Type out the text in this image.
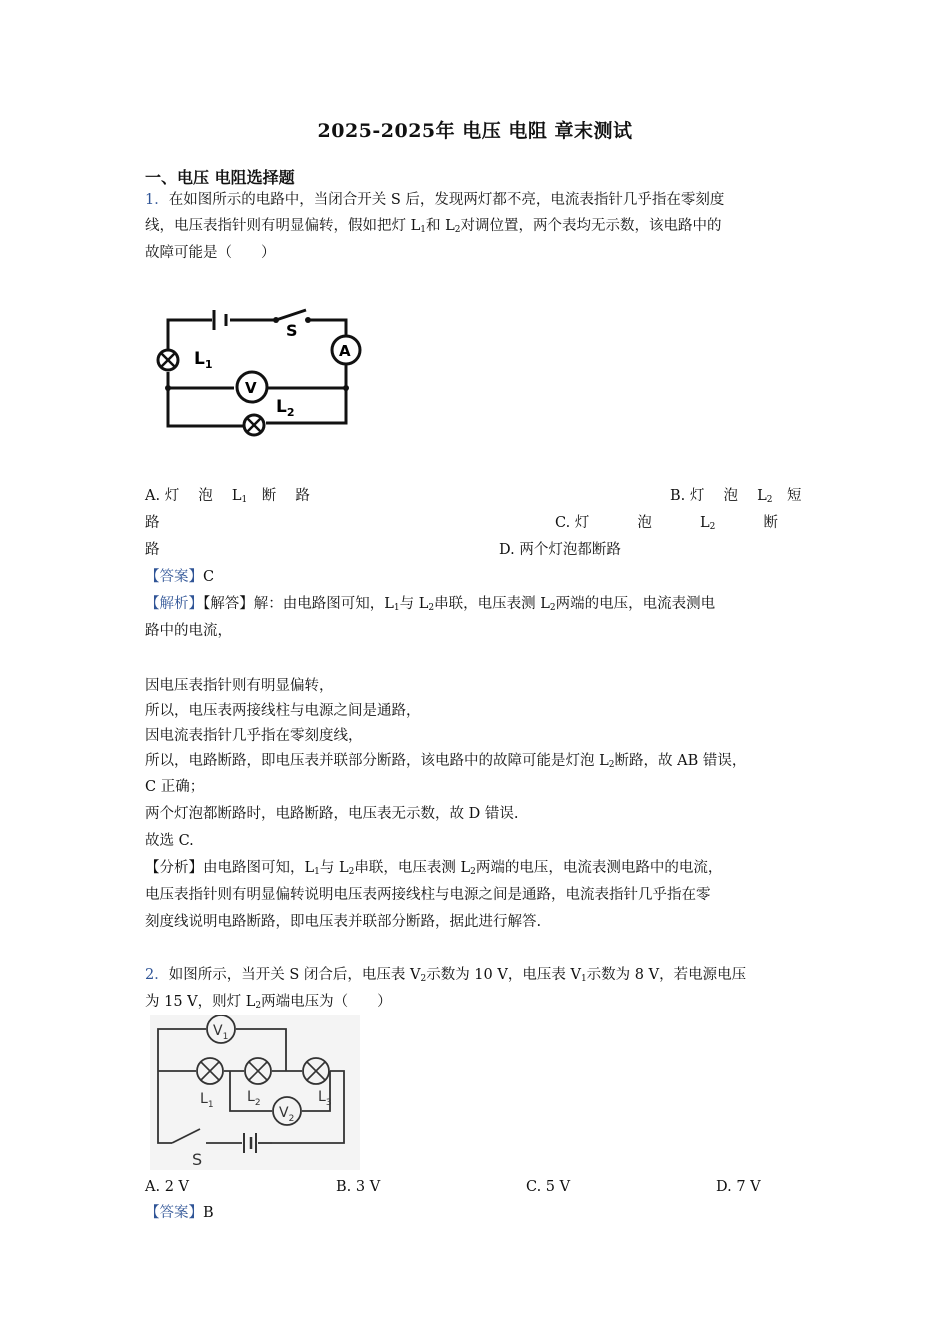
2025-2025年 电压 电阻 章末测试
一、电压 电阻选择题
1．在如图所示的电路中，当闭合开关 S 后，发现两灯都不亮，电流表指针几乎指在零刻度
线，电压表指针则有明显偏转，假如把灯 $L_1$和 $L_2$对调位置，两个表均无示数，该电路中的
故障可能是（　　）
S
A
$L_1$
V
$L_2$
A. 灯　 泡　 $L_1$　断　 路	B. 灯　 泡　 $L_2$　短
路	C. 灯　　　 泡　　　 $L_2$　　　 断
路	D. 两个灯泡都断路
【答案】C
【解析】【解答】解：由电路图可知，$L_1$与 $L_2$串联，电压表测 $L_2$两端的电压，电流表测电
路中的电流，
因电压表指针则有明显偏转，
所以，电压表两接线柱与电源之间是通路，
因电流表指针几乎指在零刻度线，
所以，电路断路，即电压表并联部分断路，该电路中的故障可能是灯泡 $L_2$断路，故 AB 错误，
C 正确；
两个灯泡都断路时，电路断路，电压表无示数，故 D 错误.
故选 C.
【分析】由电路图可知，$L_1$与 $L_2$串联，电压表测 $L_2$两端的电压，电流表测电路中的电流，
电压表指针则有明显偏转说明电压表两接线柱与电源之间是通路，电流表指针几乎指在零
刻度线说明电路断路，即电压表并联部分断路，据此进行解答.
2．如图所示，当开关 S 闭合后，电压表 $V_2$示数为 10 V，电压表 $V_1$示数为 8 V，若电源电压
为 15 V，则灯 $L_2$两端电压为（　　）
$V_1$
$L_1$ $L_2$	$L_3$
$V_2$
S
A. 2 V	B. 3 V	C. 5 V	D. 7 V
【答案】B
